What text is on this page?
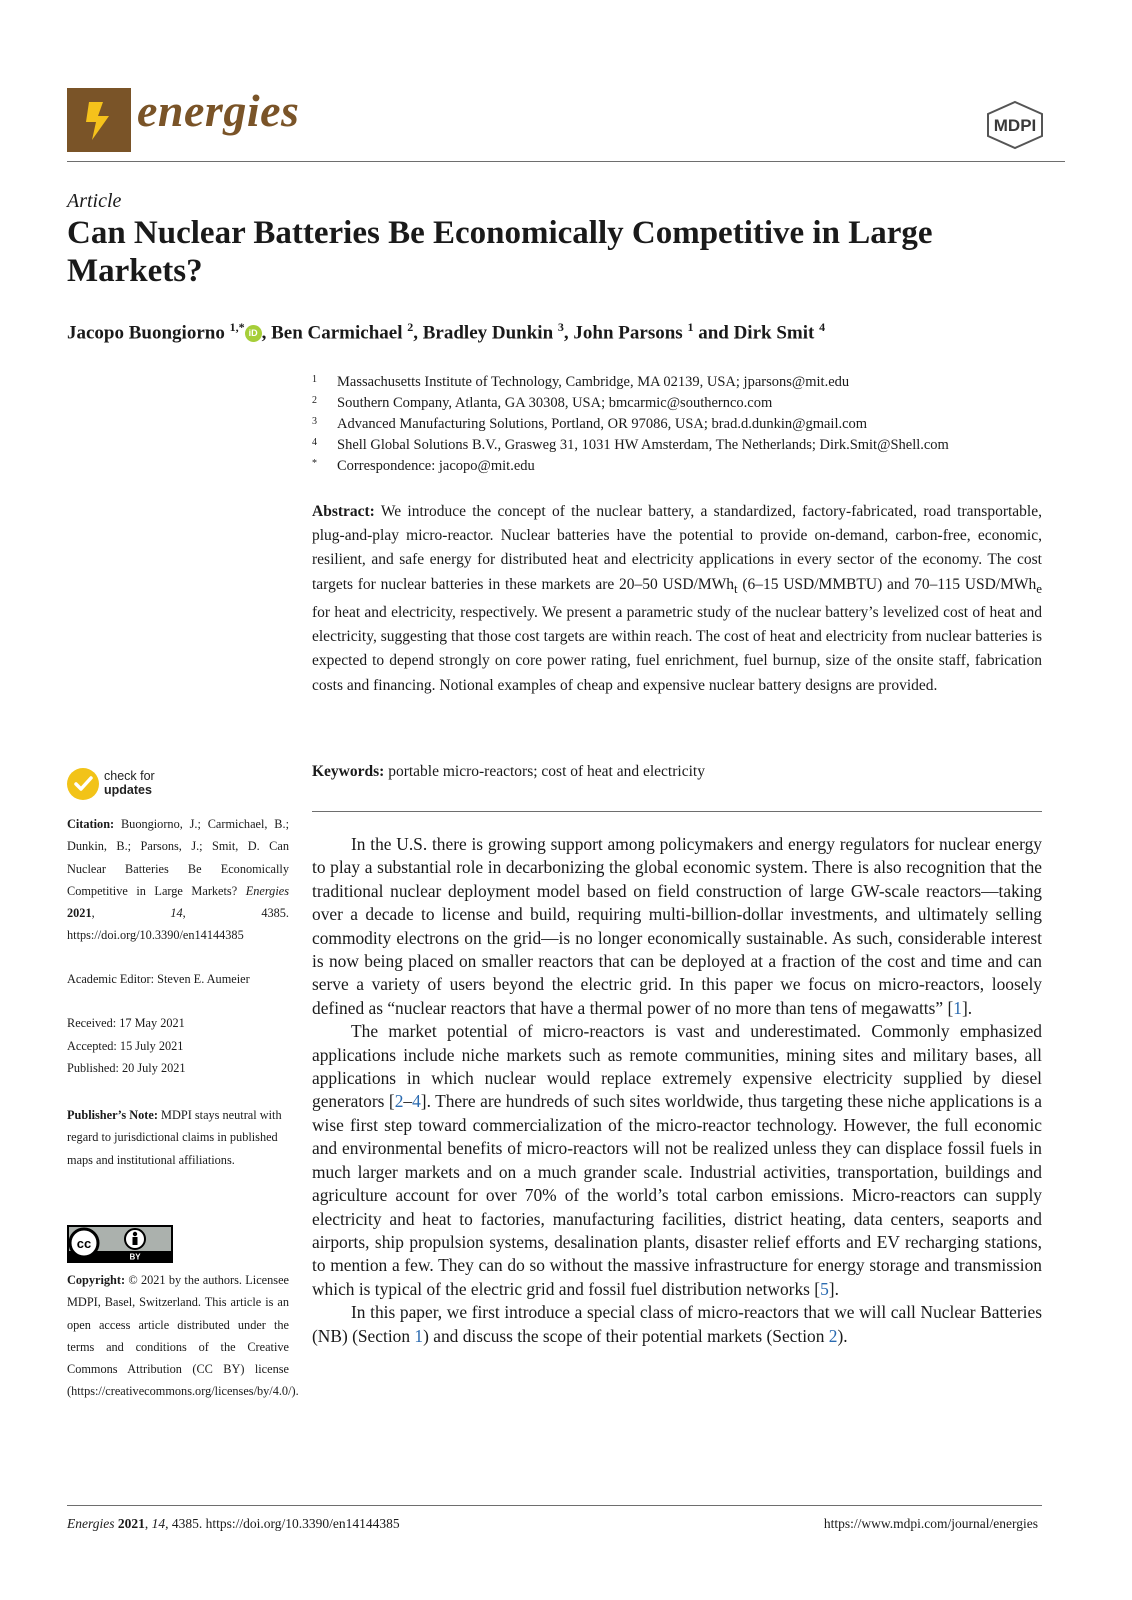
energies	MDPI
Article
Can Nuclear Batteries Be Economically Competitive in Large Markets?
Jacopo Buongiorno $^{1,*}$ iD , Ben Carmichael $^2$, Bradley Dunkin $^3$, John Parsons $^1$ and Dirk Smit $^4$
1 Massachusetts Institute of Technology, Cambridge, MA 02139, USA; jparsons@mit.edu
2 Southern Company, Atlanta, GA 30308, USA; bmcarmic@southernco.com
3 Advanced Manufacturing Solutions, Portland, OR 97086, USA; brad.d.dunkin@gmail.com
4 Shell Global Solutions B.V., Grasweg 31, 1031 HW Amsterdam, The Netherlands; Dirk.Smit@Shell.com
* Correspondence: jacopo@mit.edu
Abstract: We introduce the concept of the nuclear battery, a standardized, factory-fabricated, road transportable, plug-and-play micro-reactor. Nuclear batteries have the potential to provide on-demand, carbon-free, economic, resilient, and safe energy for distributed heat and electricity applications in every sector of the economy. The cost targets for nuclear batteries in these markets are 20–50 USD/MWh$_t$ (6–15 USD/MMBTU) and 70–115 USD/MWh$_e$ for heat and electricity, respectively. We present a parametric study of the nuclear battery’s levelized cost of heat and electricity, suggesting that those cost targets are within reach. The cost of heat and electricity from nuclear batteries is expected to depend strongly on core power rating, fuel enrichment, fuel burnup, size of the onsite staff, fabrication costs and financing. Notional examples of cheap and expensive nuclear battery designs are provided.
Keywords: portable micro-reactors; cost of heat and electricity

In the U.S. there is growing support among policymakers and energy regulators for nuclear energy to play a substantial role in decarbonizing the global economic system. There is also recognition that the traditional nuclear deployment model based on field construction of large GW-scale reactors—taking over a decade to license and build, requiring multi-billion-dollar investments, and ultimately selling commodity electrons on the grid—is no longer economically sustainable. As such, considerable interest is now being placed on smaller reactors that can be deployed at a fraction of the cost and time and can serve a variety of users beyond the electric grid. In this paper we focus on micro-reactors, loosely defined as “nuclear reactors that have a thermal power of no more than tens of megawatts” [1].

The market potential of micro-reactors is vast and underestimated. Commonly emphasized applications include niche markets such as remote communities, mining sites and military bases, all applications in which nuclear would replace extremely expensive electricity supplied by diesel generators [2–4]. There are hundreds of such sites worldwide, thus targeting these niche applications is a wise first step toward commercialization of the micro-reactor technology. However, the full economic and environmental benefits of micro-reactors will not be realized unless they can displace fossil fuels in much larger markets and on a much grander scale. Industrial activities, transportation, buildings and agriculture account for over 70% of the world’s total carbon emissions. Micro-reactors can supply electricity and heat to factories, manufacturing facilities, district heating, data centers, seaports and airports, ship propulsion systems, desalination plants, disaster relief efforts and EV recharging stations, to mention a few. They can do so without the massive infrastructure for energy storage and transmission which is typical of the electric grid and fossil fuel distribution networks [5].

In this paper, we first introduce a special class of micro-reactors that we will call Nuclear Batteries (NB) (Section 1) and discuss the scope of their potential markets (Section 2).

check for
updates
Citation: Buongiorno, J.; Carmichael, B.; Dunkin, B.; Parsons, J.; Smit, D. Can Nuclear Batteries Be Economically Competitive in Large Markets? Energies 2021, 14, 4385. https://doi.org/10.3390/en14144385
Academic Editor: Steven E. Aumeier
Received: 17 May 2021
Accepted: 15 July 2021
Published: 20 July 2021
Publisher’s Note: MDPI stays neutral with regard to jurisdictional claims in published maps and institutional affiliations.
cc
BY
Copyright: © 2021 by the authors. Licensee MDPI, Basel, Switzerland. This article is an open access article distributed under the terms and conditions of the Creative Commons Attribution (CC BY) license (https://creativecommons.org/licenses/by/4.0/).
Energies 2021, 14, 4385. https://doi.org/10.3390/en14144385	https://www.mdpi.com/journal/energies
